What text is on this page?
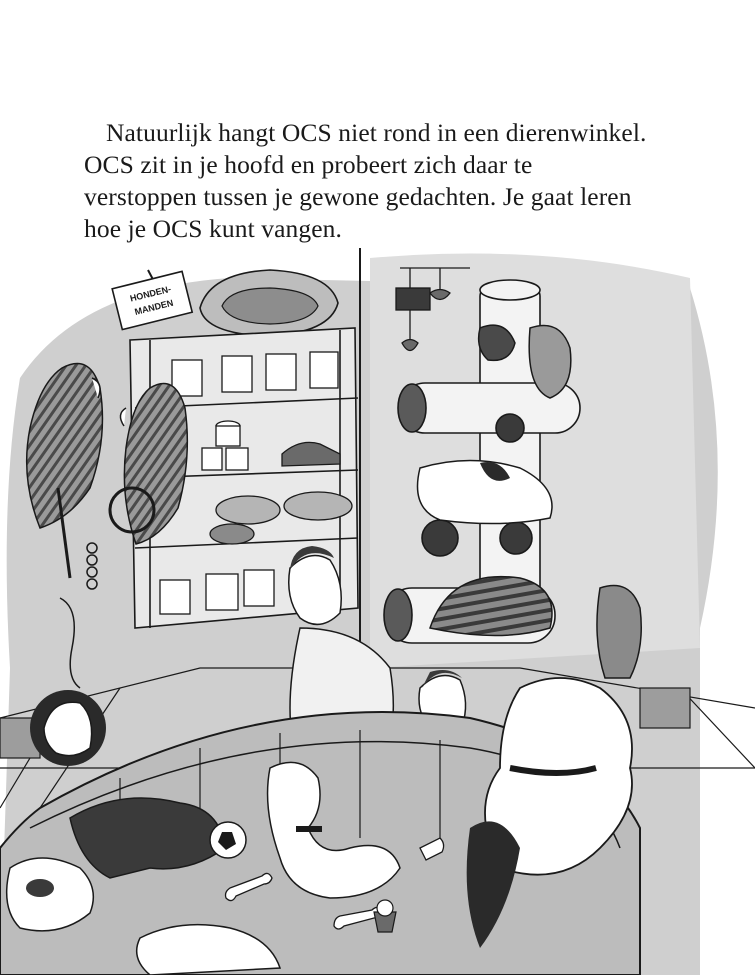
Natuurlijk hangt OCS niet rond in een dierenwinkel.
OCS zit in je hoofd en probeert zich daar te
verstoppen tussen je gewone gedachten. Je gaat leren
hoe je OCS kunt vangen.

HONDEN-
MANDEN
